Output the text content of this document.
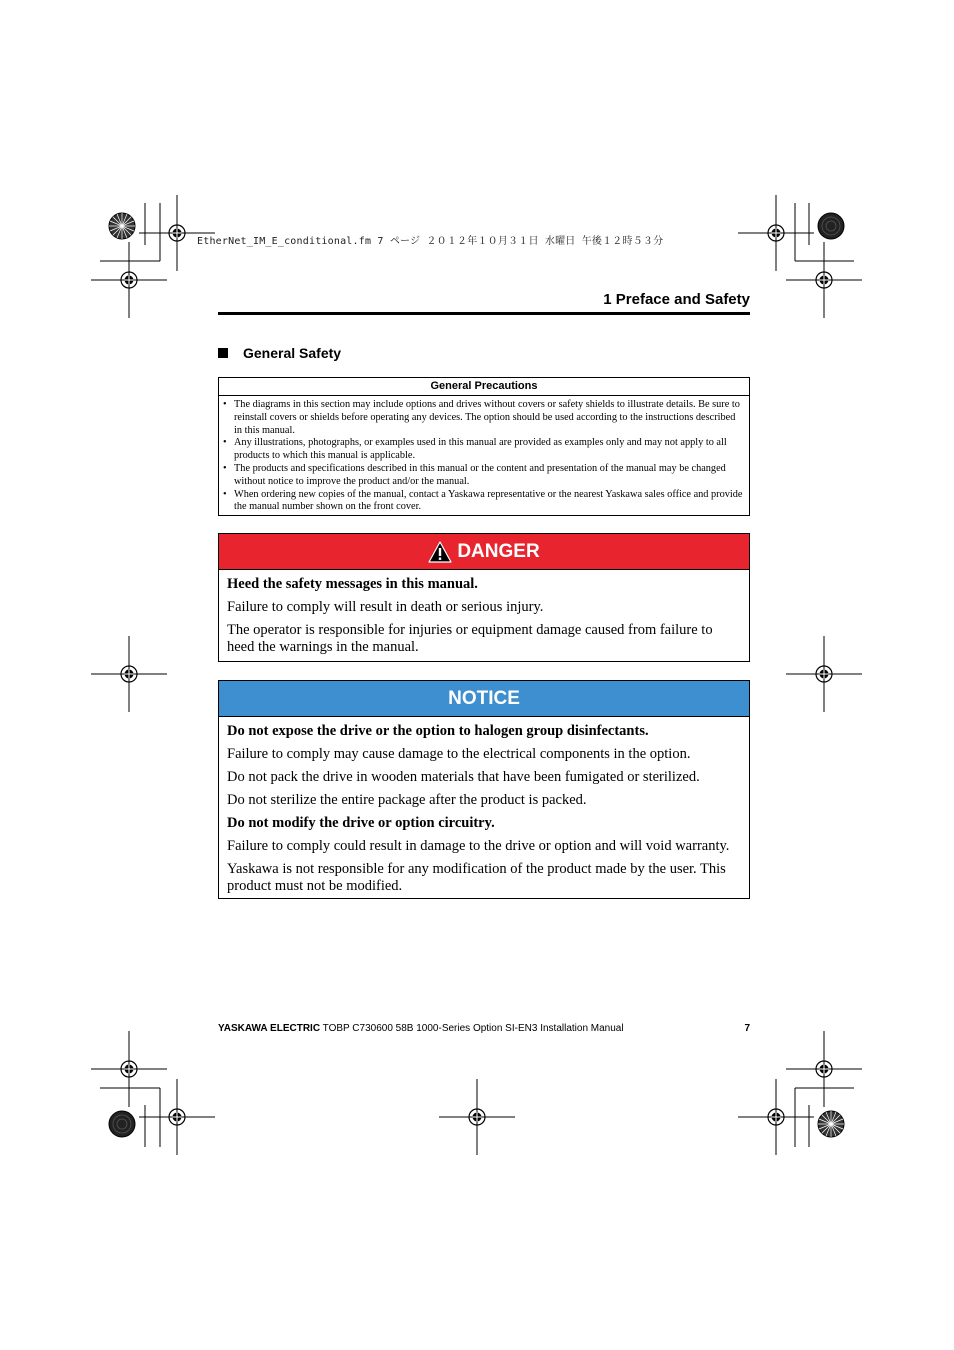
EtherNet_IM_E_conditional.fm 7 ページ ２０１２年１０月３１日 水曜日 午後１２時５３分
1 Preface and Safety
General Safety
General Precautions
• The diagrams in this section may include options and drives without covers or safety shields to illustrate details. Be sure to reinstall covers or shields before operating any devices. The option should be used according to the instructions described in this manual.
• Any illustrations, photographs, or examples used in this manual are provided as examples only and may not apply to all products to which this manual is applicable.
• The products and specifications described in this manual or the content and presentation of the manual may be changed without notice to improve the product and/or the manual.
• When ordering new copies of the manual, contact a Yaskawa representative or the nearest Yaskawa sales office and provide the manual number shown on the front cover.
DANGER

Heed the safety messages in this manual.

Failure to comply will result in death or serious injury.

The operator is responsible for injuries or equipment damage caused from failure to heed the warnings in the manual.

NOTICE

Do not expose the drive or the option to halogen group disinfectants.

Failure to comply may cause damage to the electrical components in the option.

Do not pack the drive in wooden materials that have been fumigated or sterilized.

Do not sterilize the entire package after the product is packed.

Do not modify the drive or option circuitry.

Failure to comply could result in damage to the drive or option and will void warranty.

Yaskawa is not responsible for any modification of the product made by the user. This product must not be modified.

YASKAWA ELECTRIC TOBP C730600 58B 1000-Series Option SI-EN3 Installation Manual	7
